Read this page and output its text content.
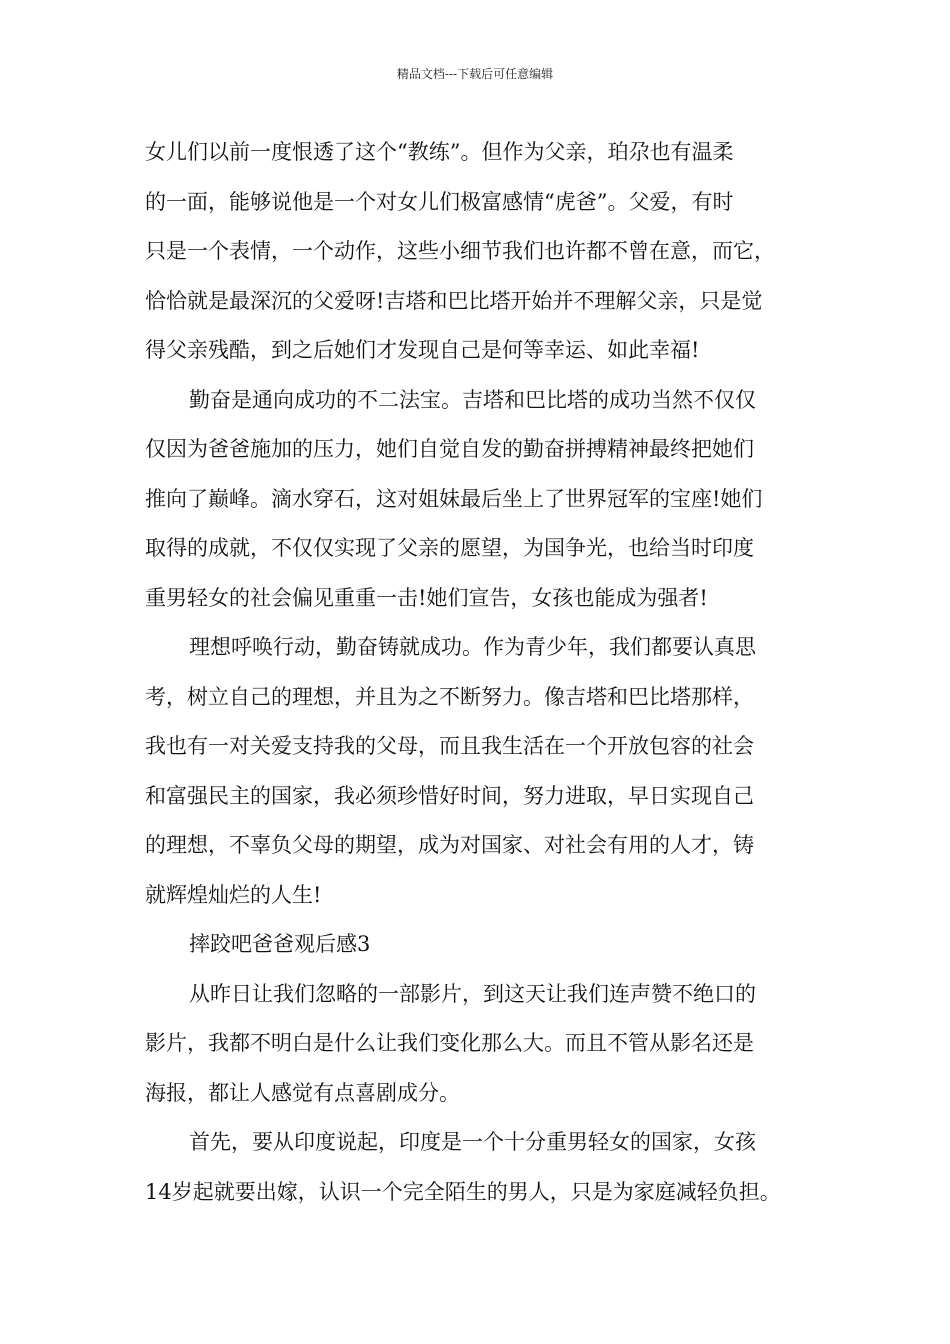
精品文档---下载后可任意编辑
女儿们以前一度恨透了这个“教练”。但作为父亲，珀尕也有温柔
的一面，能够说他是一个对女儿们极富感情“虎爸”。父爱，有时
只是一个表情，一个动作，这些小细节我们也许都不曾在意，而它，
恰恰就是最深沉的父爱呀!吉塔和巴比塔开始并不理解父亲，只是觉
得父亲残酷，到之后她们才发现自己是何等幸运、如此幸福!
勤奋是通向成功的不二法宝。吉塔和巴比塔的成功当然不仅仅
仅因为爸爸施加的压力，她们自觉自发的勤奋拼搏精神最终把她们
推向了巅峰。滴水穿石，这对姐妹最后坐上了世界冠军的宝座!她们
取得的成就，不仅仅实现了父亲的愿望，为国争光，也给当时印度
重男轻女的社会偏见重重一击!她们宣告，女孩也能成为强者!
理想呼唤行动，勤奋铸就成功。作为青少年，我们都要认真思
考，树立自己的理想，并且为之不断努力。像吉塔和巴比塔那样，
我也有一对关爱支持我的父母，而且我生活在一个开放包容的社会
和富强民主的国家，我必须珍惜好时间，努力进取，早日实现自己
的理想，不辜负父母的期望，成为对国家、对社会有用的人才，铸
就辉煌灿烂的人生!
摔跤吧爸爸观后感3
从昨日让我们忽略的一部影片，到这天让我们连声赞不绝口的
影片，我都不明白是什么让我们变化那么大。而且不管从影名还是
海报，都让人感觉有点喜剧成分。
首先，要从印度说起，印度是一个十分重男轻女的国家，女孩
14岁起就要出嫁，认识一个完全陌生的男人，只是为家庭减轻负担。
